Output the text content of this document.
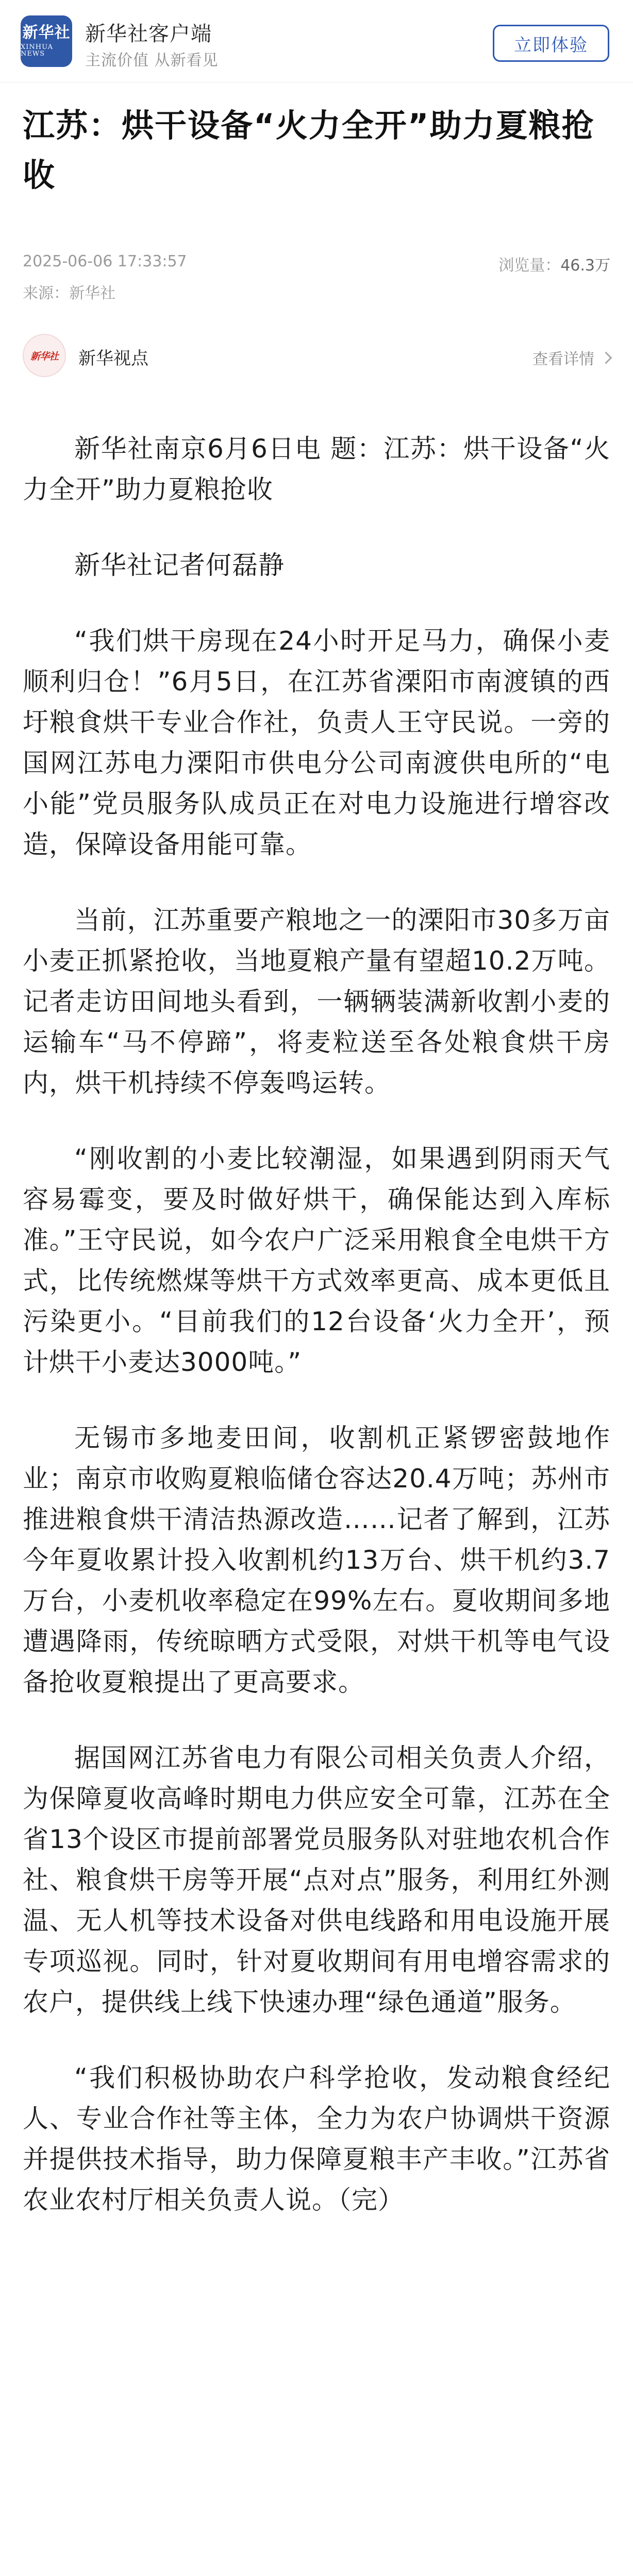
新华社
XINHUA NEWS
新华社客户端
主流价值 从新看见
立即体验
江苏：烘干设备“火力全开”助力夏粮抢收
2025-06-06 17:33:57	浏览量：46.3万
来源：新华社
新华社 新华视点	查看详情

新华社南京6月6日电 题：江苏：烘干设备“火力全开”助力夏粮抢收

新华社记者何磊静

“我们烘干房现在24小时开足马力，确保小麦顺利归仓！”6月5日，在江苏省溧阳市南渡镇的西圩粮食烘干专业合作社，负责人王守民说。一旁的国网江苏电力溧阳市供电分公司南渡供电所的“电小能”党员服务队成员正在对电力设施进行增容改造，保障设备用能可靠。

当前，江苏重要产粮地之一的溧阳市30多万亩小麦正抓紧抢收，当地夏粮产量有望超10.2万吨。记者走访田间地头看到，一辆辆装满新收割小麦的运输车“马不停蹄”，将麦粒送至各处粮食烘干房内，烘干机持续不停轰鸣运转。

“刚收割的小麦比较潮湿，如果遇到阴雨天气容易霉变，要及时做好烘干，确保能达到入库标准。”王守民说，如今农户广泛采用粮食全电烘干方式，比传统燃煤等烘干方式效率更高、成本更低且污染更小。“目前我们的12台设备‘火力全开’，预计烘干小麦达3000吨。”

无锡市多地麦田间，收割机正紧锣密鼓地作业；南京市收购夏粮临储仓容达20.4万吨；苏州市推进粮食烘干清洁热源改造……记者了解到，江苏今年夏收累计投入收割机约13万台、烘干机约3.7万台，小麦机收率稳定在99%左右。夏收期间多地遭遇降雨，传统晾晒方式受限，对烘干机等电气设备抢收夏粮提出了更高要求。

据国网江苏省电力有限公司相关负责人介绍，为保障夏收高峰时期电力供应安全可靠，江苏在全省13个设区市提前部署党员服务队对驻地农机合作社、粮食烘干房等开展“点对点”服务，利用红外测温、无人机等技术设备对供电线路和用电设施开展专项巡视。同时，针对夏收期间有用电增容需求的农户，提供线上线下快速办理“绿色通道”服务。

“我们积极协助农户科学抢收，发动粮食经纪人、专业合作社等主体，全力为农户协调烘干资源并提供技术指导，助力保障夏粮丰产丰收。”江苏省农业农村厅相关负责人说。（完）
